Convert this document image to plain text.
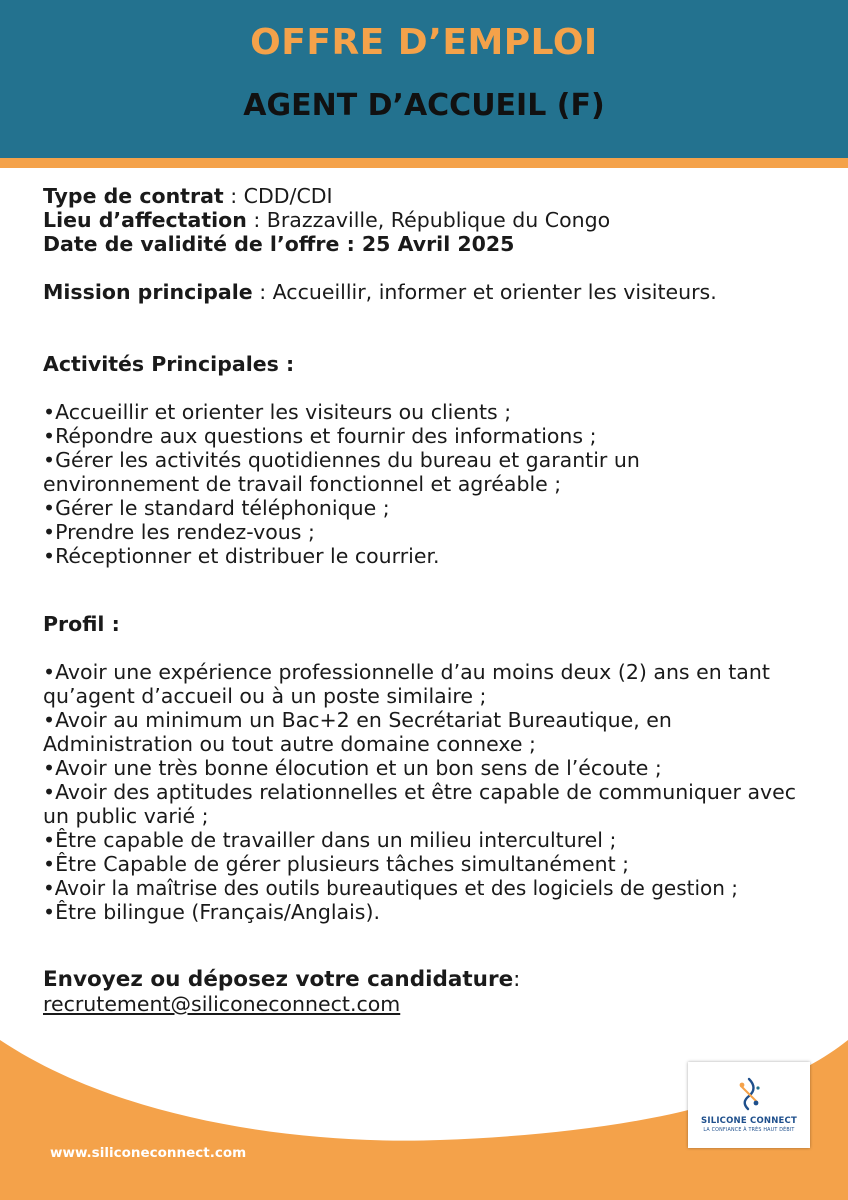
OFFRE D’EMPLOI
AGENT D’ACCUEIL (F)
Type de contrat : CDD/CDI
Lieu d’affectation : Brazzaville, République du Congo
Date de validité de l’offre : 25 Avril 2025
Mission principale : Accueillir, informer et orienter les visiteurs.
Activités Principales :
• Accueillir et orienter les visiteurs ou clients ;
• Répondre aux questions et fournir des informations ;
• Gérer les activités quotidiennes du bureau et garantir un environnement de travail fonctionnel et agréable ;
• Gérer le standard téléphonique ;
• Prendre les rendez-vous ;
• Réceptionner et distribuer le courrier.
Profil :
• Avoir une expérience professionnelle d’au moins deux (2) ans en tant qu’agent d’accueil ou à un poste similaire ;
• Avoir au minimum un Bac+2 en Secrétariat Bureautique, en Administration ou tout autre domaine connexe ;
• Avoir une très bonne élocution et un bon sens de l’écoute ;
• Avoir des aptitudes relationnelles et être capable de communiquer avec un public varié ;
• Être capable de travailler dans un milieu interculturel ;
• Être Capable de gérer plusieurs tâches simultanément ;
• Avoir la maîtrise des outils bureautiques et des logiciels de gestion ;
• Être bilingue (Français/Anglais).
Envoyez ou déposez votre candidature:
recrutement@siliconeconnect.com
www.siliconeconnect.com
SILICONE CONNECT
LA CONFIANCE À TRÈS HAUT DÉBIT
